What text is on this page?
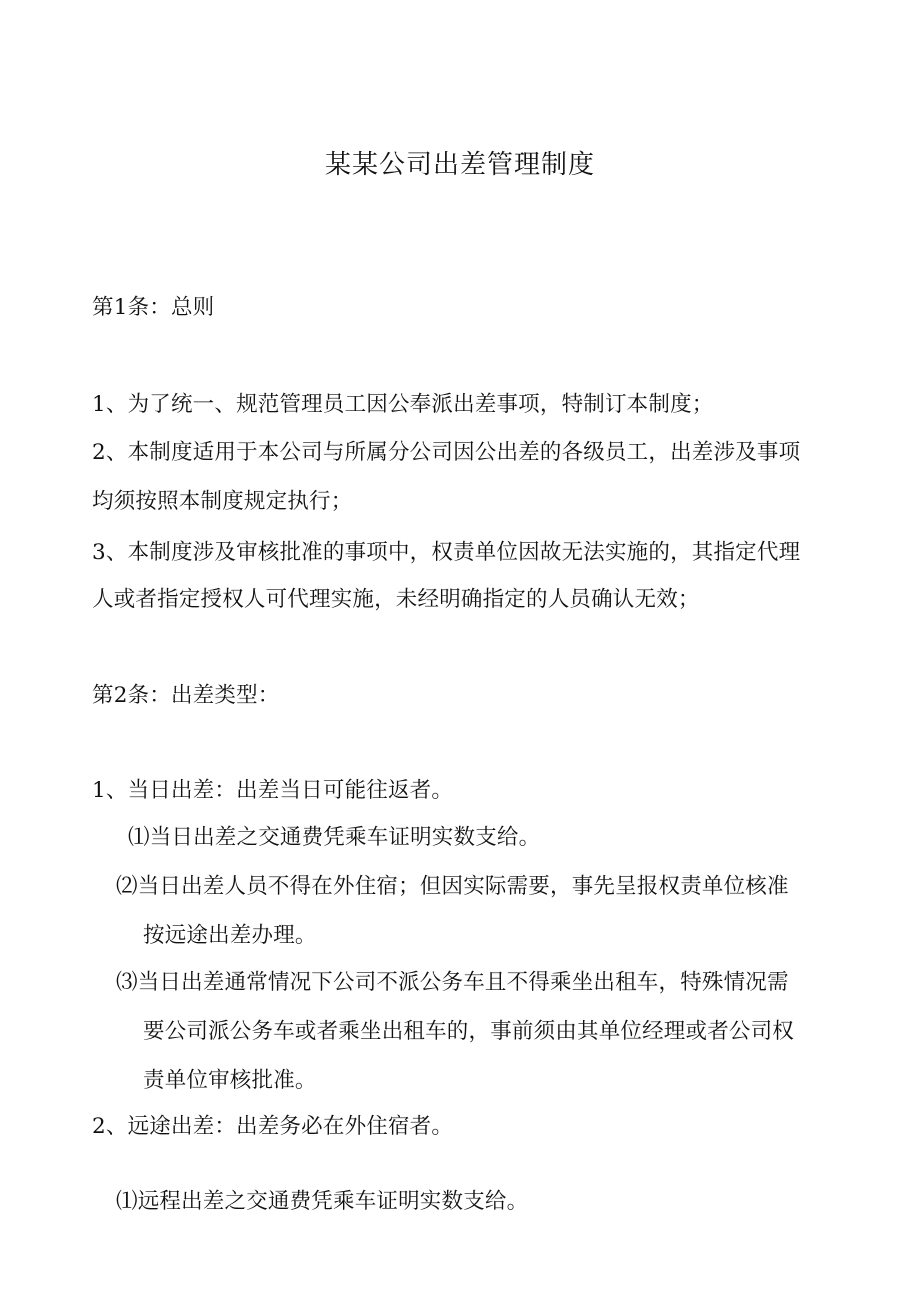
某某公司出差管理制度
第1条：总则
1、为了统一、规范管理员工因公奉派出差事项，特制订本制度；
2、本制度适用于本公司与所属分公司因公出差的各级员工，出差涉及事项
均须按照本制度规定执行；
3、本制度涉及审核批准的事项中，权责单位因故无法实施的，其指定代理
人或者指定授权人可代理实施，未经明确指定的人员确认无效；
第2条：出差类型：
1、当日出差：出差当日可能往返者。
⑴当日出差之交通费凭乘车证明实数支给。
⑵当日出差人员不得在外住宿；但因实际需要，事先呈报权责单位核准
按远途出差办理。
⑶当日出差通常情况下公司不派公务车且不得乘坐出租车，特殊情况需
要公司派公务车或者乘坐出租车的，事前须由其单位经理或者公司权
责单位审核批准。
2、远途出差：出差务必在外住宿者。
⑴远程出差之交通费凭乘车证明实数支给。
